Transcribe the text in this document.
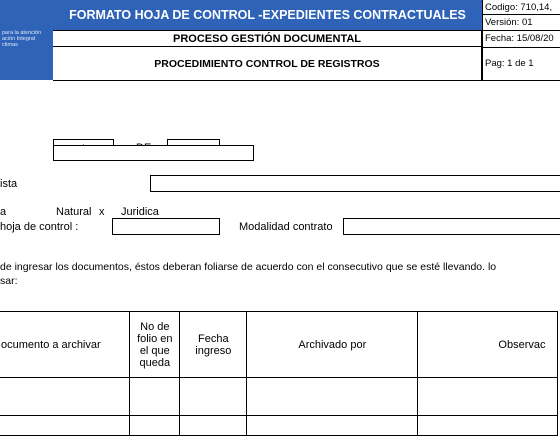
para la atención
ación Integral
ctimas
FORMATO HOJA DE CONTROL -EXPEDIENTES CONTRACTUALES
PROCESO GESTIÓN DOCUMENTAL
PROCEDIMIENTO CONTROL DE REGISTROS
Codigo: 710,14,
Versión: 01
Fecha: 15/08/20
Pag: 1 de 1
ista
a	Natural x Juridica
hoja de control :	Modalidad contrato
de ingresar los documentos, éstos deberan foliarse de acuerdo con el consecutivo que se esté llevando. lo
sar:
ocumento a archivar	No de folio en el que queda	Fecha ingreso	Archivado por	Observac
